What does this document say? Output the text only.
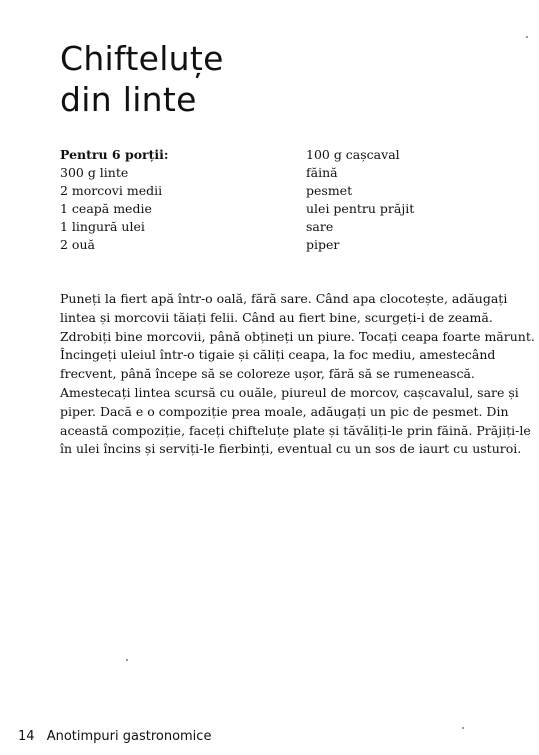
Chifteluțe
din linte
Pentru 6 porții:
300 g linte
2 morcovi medii
1 ceapă medie
1 lingură ulei
2 ouă
100 g cașcaval
făină
pesmet
ulei pentru prăjit
sare
piper

Puneți la fiert apă într-o oală, fără sare. Când apa clocotește, adăugați
lintea și morcovii tăiați felii. Când au fiert bine, scurgeți-i de zeamă.
Zdrobiți bine morcovii, până obțineți un piure. Tocați ceapa foarte mărunt.
Încingeți uleiul într-o tigaie și căliți ceapa, la foc mediu, amestecând
frecvent, până începe să se coloreze ușor, fără să se rumenească.
Amestecați lintea scursă cu ouăle, piureul de morcov, cașcavalul, sare și
piper. Dacă e o compoziție prea moale, adăugați un pic de pesmet. Din
această compoziție, faceți chifteluțe plate și tăvăliți-le prin făină. Prăjiți-le
în ulei încins și serviți-le fierbinți, eventual cu un sos de iaurt cu usturoi.

14 Anotimpuri gastronomice
